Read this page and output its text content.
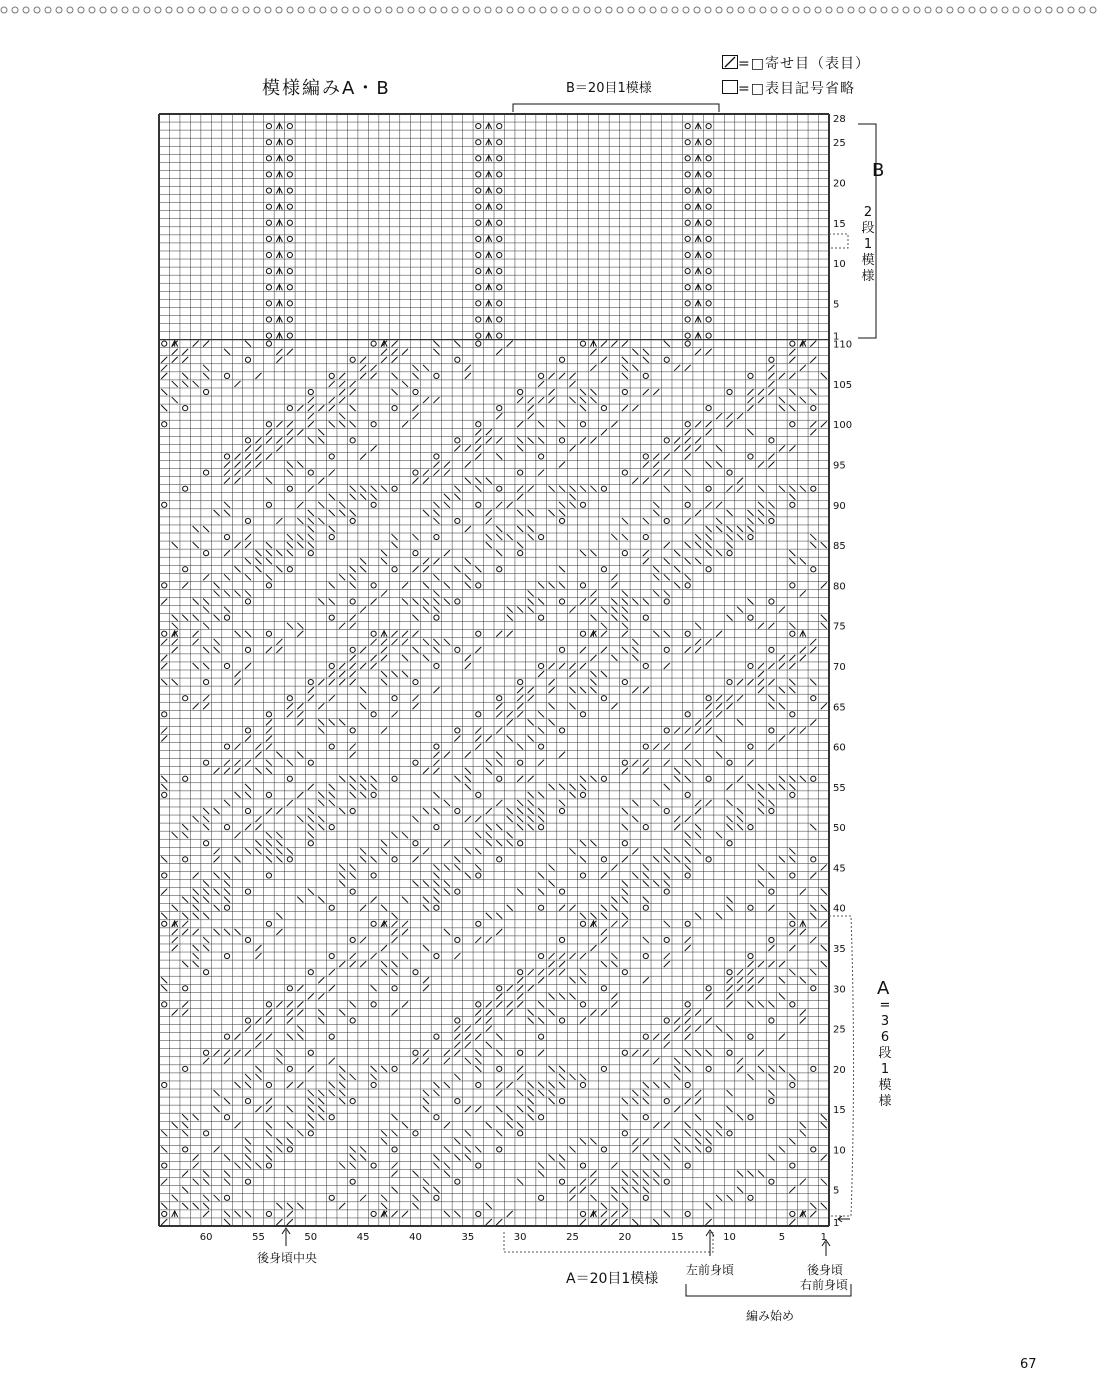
模様編みA・B
=□寄せ目（表目）
=□表目記号省略
B＝20目1模様
28
25
20
15
10
5
1
110
105
100
95
90
85
80
75
70
65
60
55
50
45
40
35
30
25
20
15
10
5
1
60	55	50	45	40	35	30	25	20	15	10	5	1
B
2
段
1
模
様
A
=
3
6
段
1
模
様
後身頃中央
A＝20目1模様
左前身頃	後身頃
右前身頃
編み始め
67
